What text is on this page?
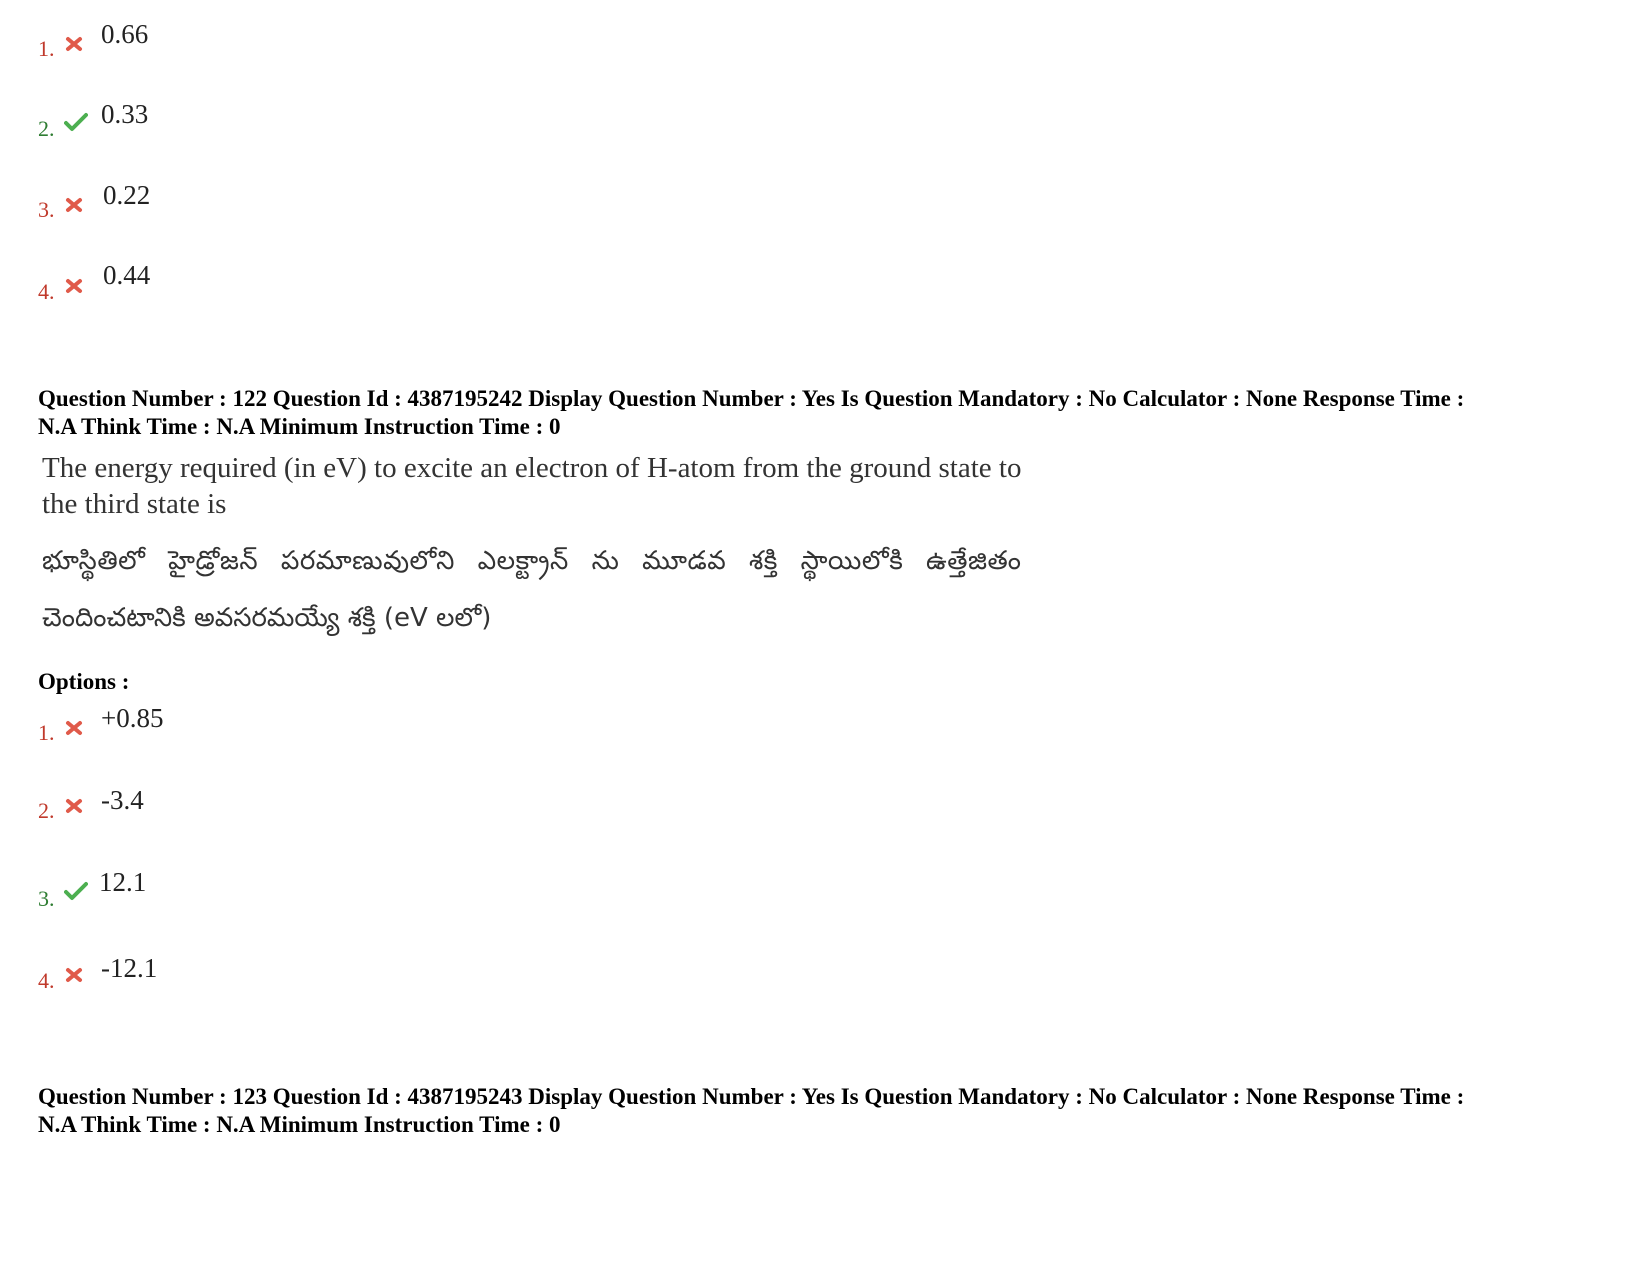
1. 0.66
2. 0.33
3. 0.22
4.
0.44
Question Number : 122 Question Id : 4387195242 Display Question Number : Yes Is Question Mandatory : No Calculator : None Response Time :
N.A Think Time : N.A Minimum Instruction Time : 0
The energy required (in eV) to excite an electron of H-atom from the ground state to
the third state is
భూస్థితిలో హైడ్రోజన్ పరమాణువులోని ఎలక్ట్రాన్ ను మూడవ శక్తి స్థాయిలోకి ఉత్తేజితం
చెందించటానికి అవసరమయ్యే శక్తి (eV లలో)
Options :
1. +0.85
2. -3.4
3.
12.1
4. -12.1
Question Number : 123 Question Id : 4387195243 Display Question Number : Yes Is Question Mandatory : No Calculator : None Response Time :
N.A Think Time : N.A Minimum Instruction Time : 0
